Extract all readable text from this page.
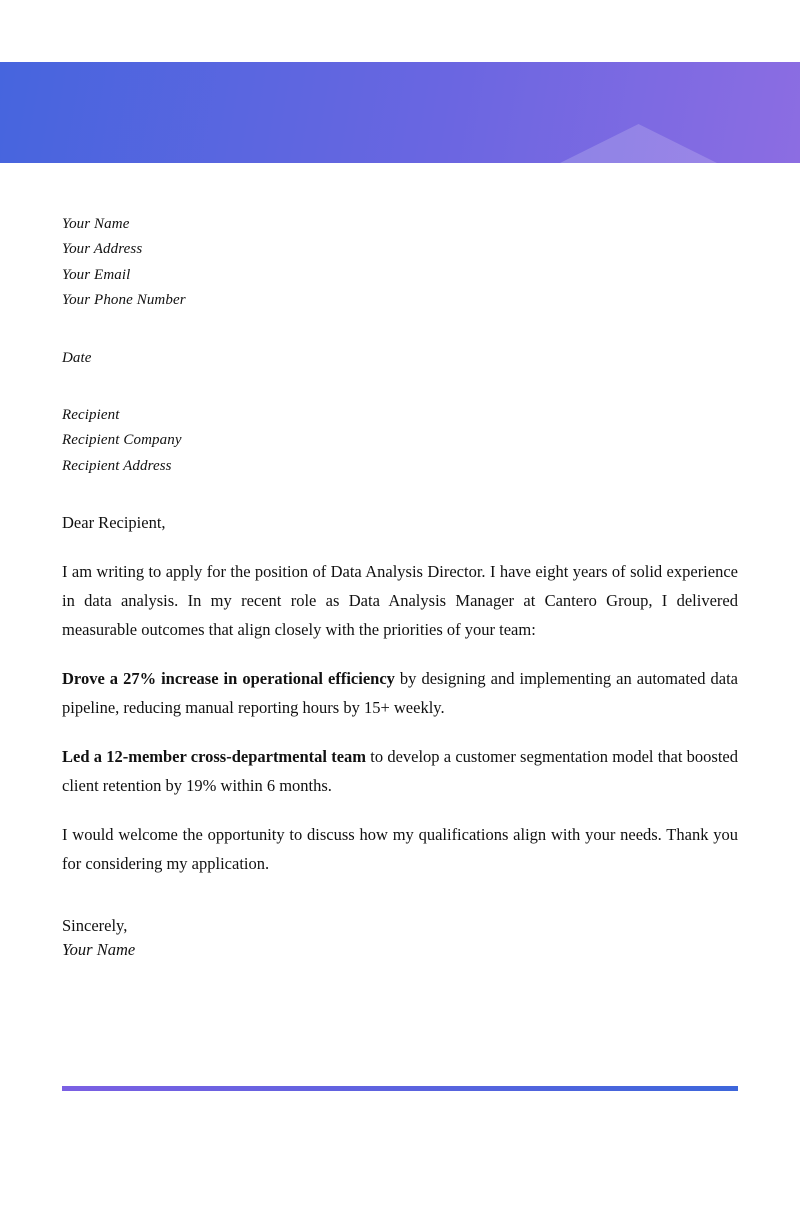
Your Name

Your Address

Your Email

Your Phone Number

Date

Recipient

Recipient Company

Recipient Address

Dear Recipient,

I am writing to apply for the position of Data Analysis Director. I have eight years of solid experience in data analysis. In my recent role as Data Analysis Manager at Cantero Group, I delivered measurable outcomes that align closely with the priorities of your team:

Drove a 27% increase in operational efficiency by designing and implementing an automated data pipeline, reducing manual reporting hours by 15+ weekly.

Led a 12-member cross-departmental team to develop a customer segmentation model that boosted client retention by 19% within 6 months.

I would welcome the opportunity to discuss how my qualifications align with your needs. Thank you for considering my application.

Sincerely,

Your Name
